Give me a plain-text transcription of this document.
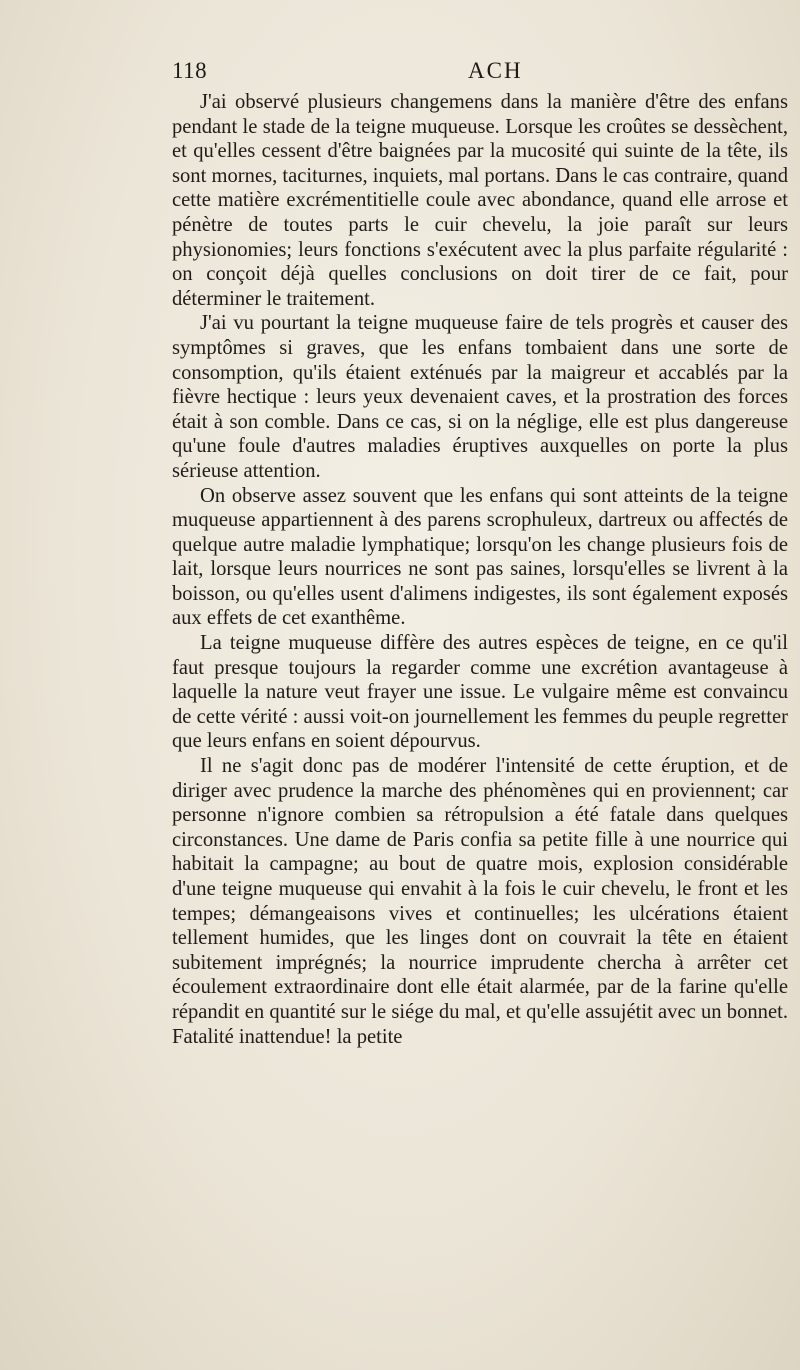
118	ACH

J'ai observé plusieurs changemens dans la manière d'être des enfans pendant le stade de la teigne muqueuse. Lorsque les croûtes se dessèchent, et qu'elles cessent d'être baignées par la mucosité qui suinte de la tête, ils sont mornes, taciturnes, inquiets, mal portans. Dans le cas contraire, quand cette matière excrémentitielle coule avec abondance, quand elle arrose et pénètre de toutes parts le cuir chevelu, la joie paraît sur leurs physionomies; leurs fonctions s'exécutent avec la plus parfaite régularité : on conçoit déjà quelles conclusions on doit tirer de ce fait, pour déterminer le traitement.

J'ai vu pourtant la teigne muqueuse faire de tels progrès et causer des symptômes si graves, que les enfans tombaient dans une sorte de consomption, qu'ils étaient exténués par la maigreur et accablés par la fièvre hectique : leurs yeux devenaient caves, et la prostration des forces était à son comble. Dans ce cas, si on la néglige, elle est plus dangereuse qu'une foule d'autres maladies éruptives auxquelles on porte la plus sérieuse attention.

On observe assez souvent que les enfans qui sont atteints de la teigne muqueuse appartiennent à des parens scrophuleux, dartreux ou affectés de quelque autre maladie lymphatique; lorsqu'on les change plusieurs fois de lait, lorsque leurs nourrices ne sont pas saines, lorsqu'elles se livrent à la boisson, ou qu'elles usent d'alimens indigestes, ils sont également exposés aux effets de cet exanthême.

La teigne muqueuse diffère des autres espèces de teigne, en ce qu'il faut presque toujours la regarder comme une excrétion avantageuse à laquelle la nature veut frayer une issue. Le vulgaire même est convaincu de cette vérité : aussi voit-on journellement les femmes du peuple regretter que leurs enfans en soient dépourvus.

Il ne s'agit donc pas de modérer l'intensité de cette éruption, et de diriger avec prudence la marche des phénomènes qui en proviennent; car personne n'ignore combien sa rétropulsion a été fatale dans quelques circonstances. Une dame de Paris confia sa petite fille à une nourrice qui habitait la campagne; au bout de quatre mois, explosion considérable d'une teigne muqueuse qui envahit à la fois le cuir chevelu, le front et les tempes; démangeaisons vives et continuelles; les ulcérations étaient tellement humides, que les linges dont on couvrait la tête en étaient subitement imprégnés; la nourrice imprudente chercha à arrêter cet écoulement extraordinaire dont elle était alarmée, par de la farine qu'elle répandit en quantité sur le siége du mal, et qu'elle assujétit avec un bonnet. Fatalité inattendue! la petite
